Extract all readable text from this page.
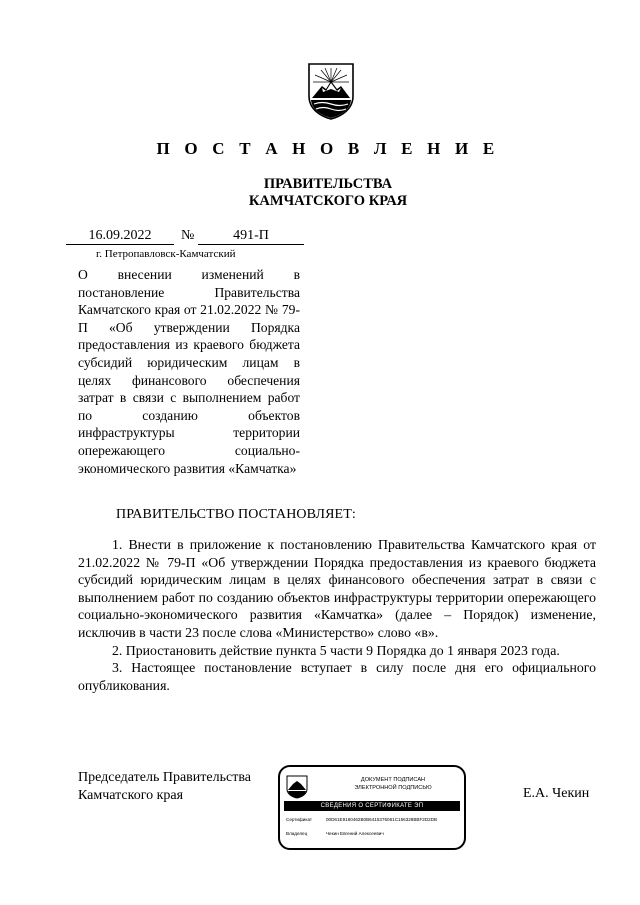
П О С Т А Н О В Л Е Н И Е
ПРАВИТЕЛЬСТВА
КАМЧАТСКОГО КРАЯ
16.09.2022	№	491-П
г. Петропавловск-Камчатский
О внесении изменений в постановление Правительства Камчатского края от 21.02.2022 № 79-П «Об утверждении Порядка предоставления из краевого бюджета субсидий юридическим лицам в целях финансового обеспечения затрат в связи с выполнением работ по созданию объектов инфраструктуры территории опережающего социально-экономического развития «Камчатка»
ПРАВИТЕЛЬСТВО ПОСТАНОВЛЯЕТ:

1. Внести в приложение к постановлению Правительства Камчатского края от 21.02.2022 № 79-П «Об утверждении Порядка предоставления из краевого бюджета субсидий юридическим лицам в целях финансового обеспечения затрат в связи с выполнением работ по созданию объектов инфраструктуры территории опережающего социально-экономического развития «Камчатка» (далее – Порядок) изменение, исключив в части 23 после слова «Министерство» слово «в».

2. Приостановить действие пункта 5 части 9 Порядка до 1 января 2023 года.

3. Настоящее постановление вступает в силу после дня его официального опубликования.

Председатель Правительства
Камчатского края
ДОКУМЕНТ ПОДПИСАН
ЭЛЕКТРОННОЙ ПОДПИСЬЮ
СВЕДЕНИЯ О СЕРТИФИКАТЕ ЭП
Сертификат	00D61E9160462B0B6415376061C156328BBF2D2DB
Владелец	Чекин Евгений Алексеевич
Е.А. Чекин
